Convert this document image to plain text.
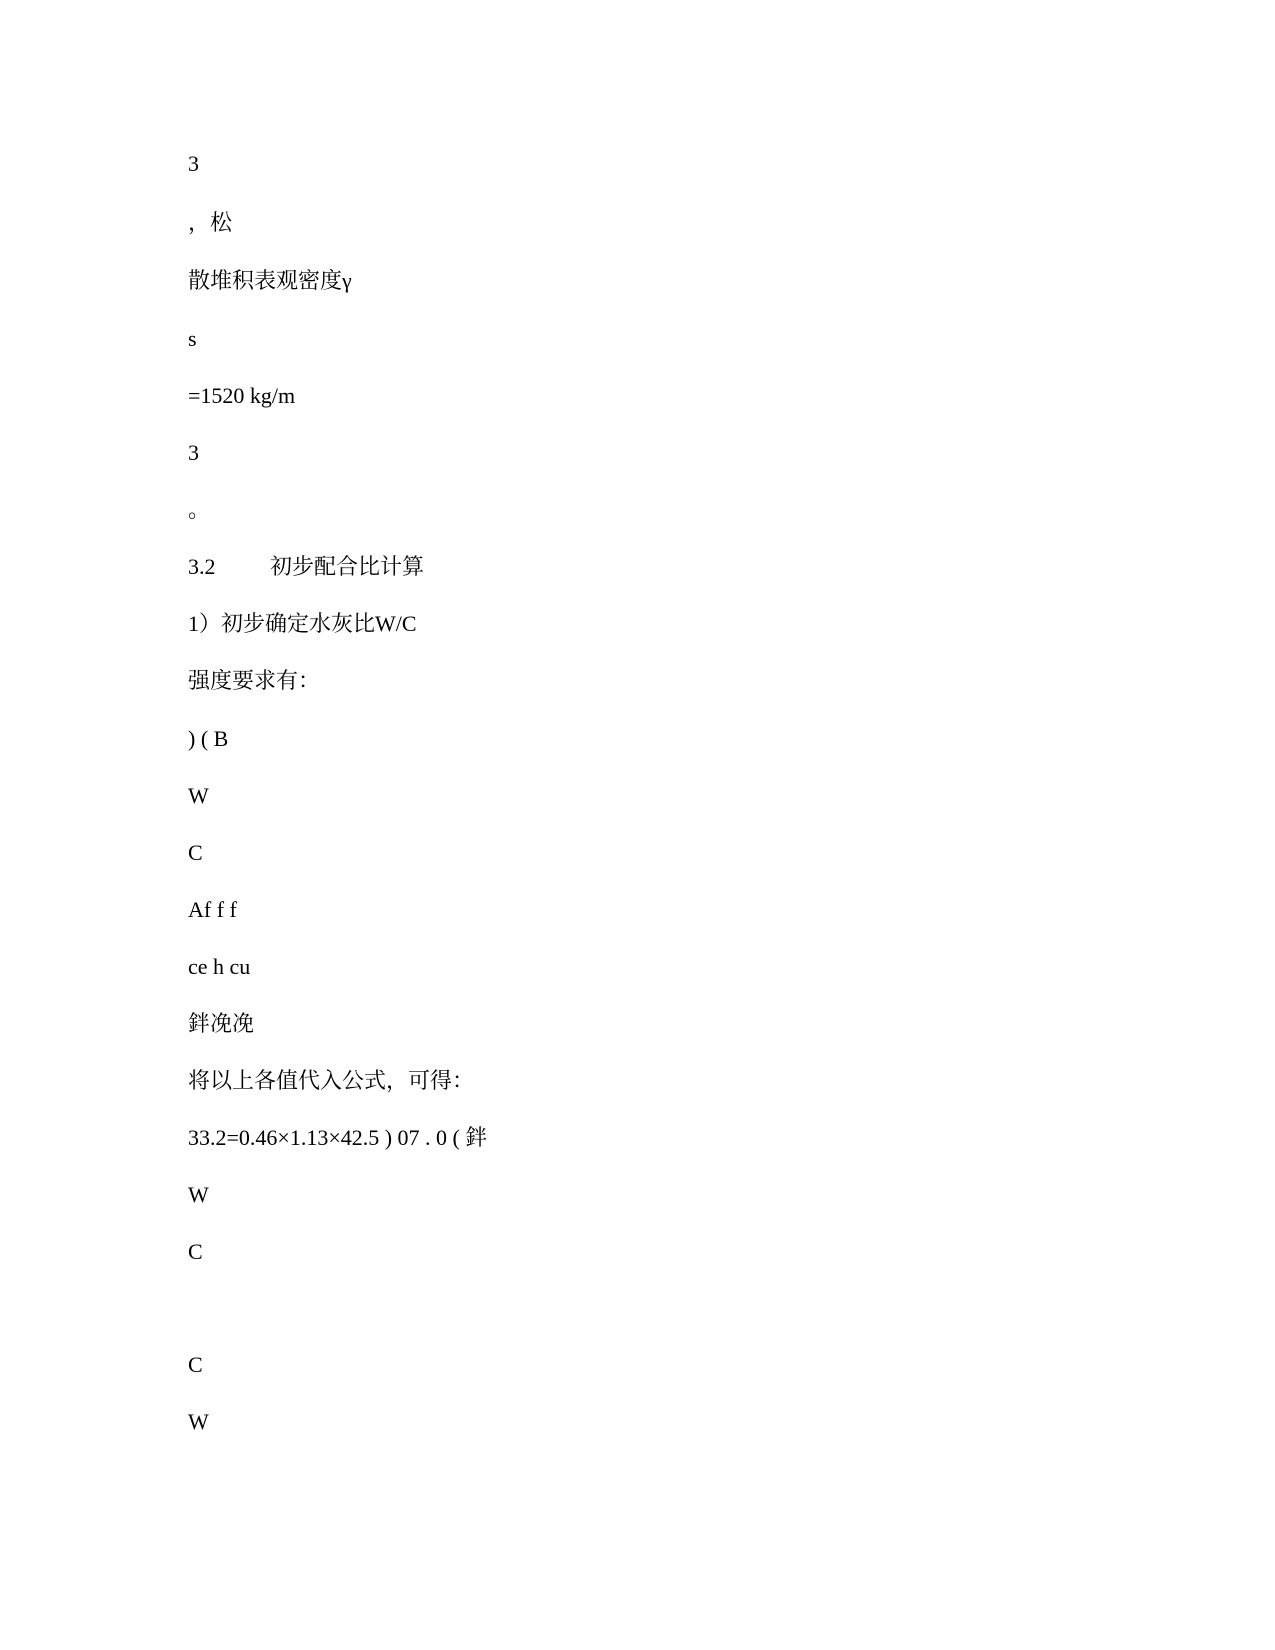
3
，松
散堆积表观密度γ
s
=1520 kg/m
3
。
3.2 初步配合比计算
1）初步确定水灰比W/C
强度要求有：
) ( B
W
C
Af f f
ce h cu
鉡凂凂
将以上各值代入公式，可得：
33.2=0.46×1.13×42.5 ) 07 . 0 ( 鉡
W
C
C
W
